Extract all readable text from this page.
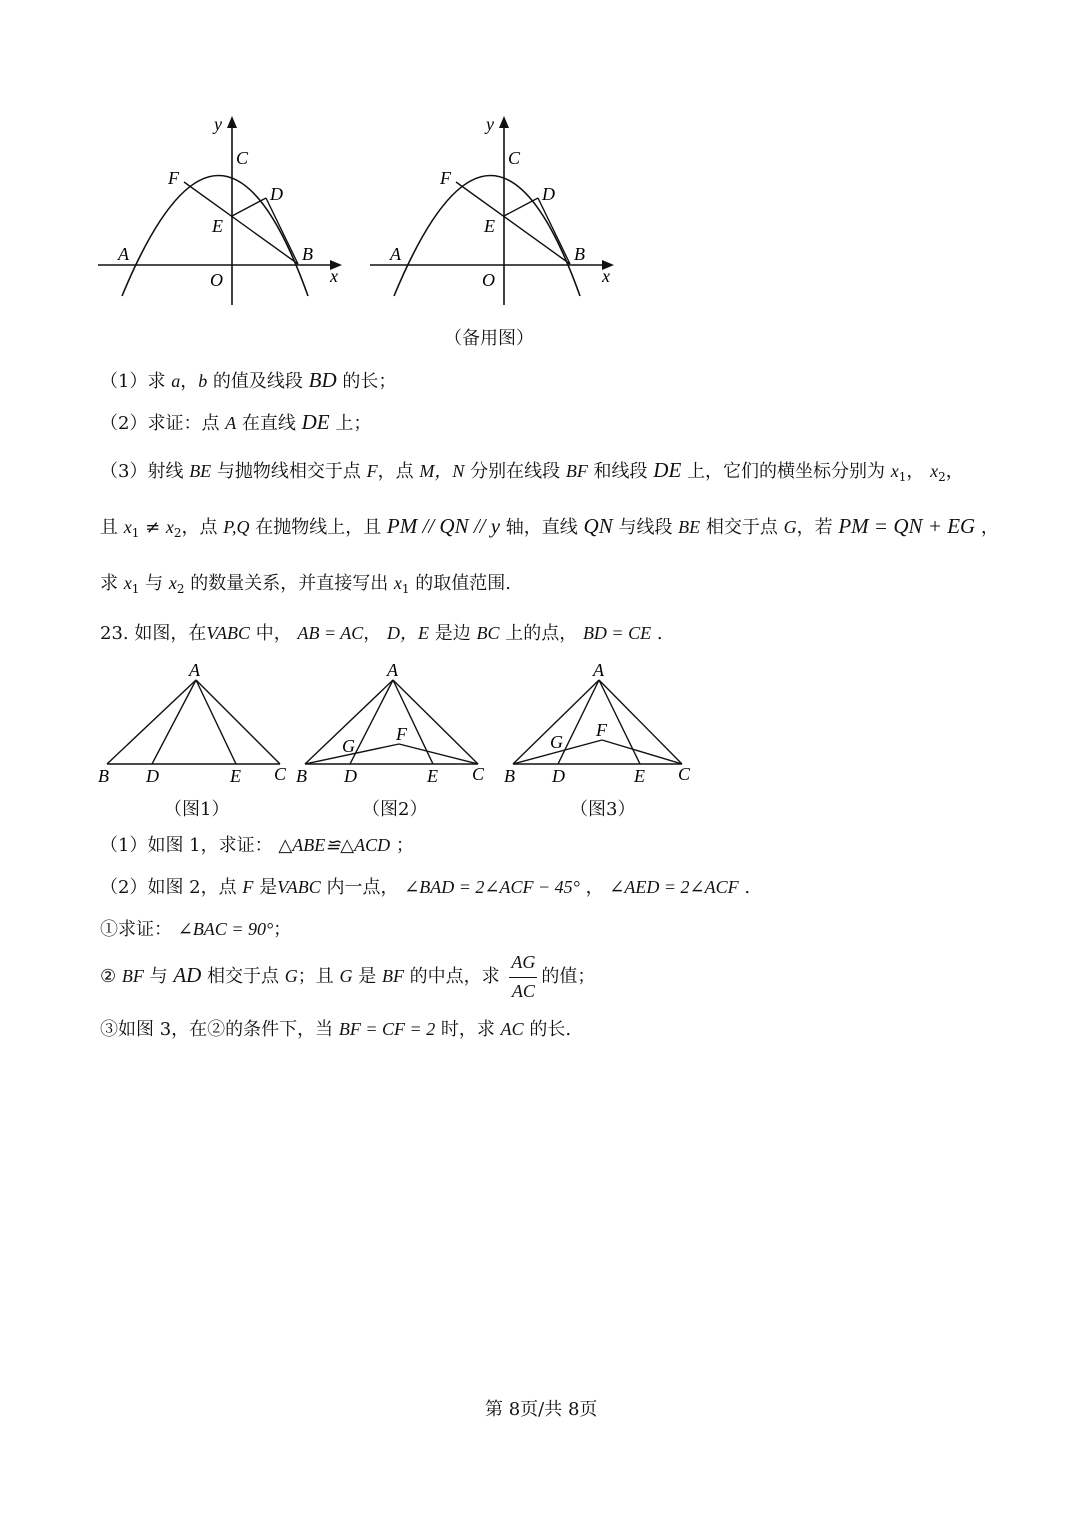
y
x
O
A	B
C
D
E
F
y
x
O
A	B
C
D
E
F
（备用图）
（1）求 a，b 的值及线段 BD 的长；
（2）求证：点 A 在直线 DE 上；
（3）射线 BE 与抛物线相交于点 F，点 M，N 分别在线段 BF 和线段 DE 上，它们的横坐标分别为 $x_1$， $x_2$，
且 $x_1 \ne x_2$，点 P,Q 在抛物线上，且 PM // QN // y 轴，直线 QN 与线段 BE 相交于点 G，若 PM = QN + EG ，
求 $x_1$ 与 $x_2$ 的数量关系，并直接写出 $x_1$ 的取值范围.
23. 如图，在VABC 中， AB = AC， D，E 是边 BC 上的点， BD = CE .
A
B D	E C
A
F
G
B D	E C
A
F
G
B D	E C
（图1）	（图2）	（图3）
（1）如图 1，求证： △ABE≌△ACD ；
（2）如图 2，点 F 是VABC 内一点， ∠BAD = 2∠ACF − 45° ， ∠AED = 2∠ACF .
①求证： ∠BAC = 90°；
② BF 与 AD 相交于点 G；且 G 是 BF 的中点，求 $\frac{AG}{AC}$ 的值；
③如图 3，在②的条件下，当 BF = CF = 2 时，求 AC 的长.
第 8页/共 8页
